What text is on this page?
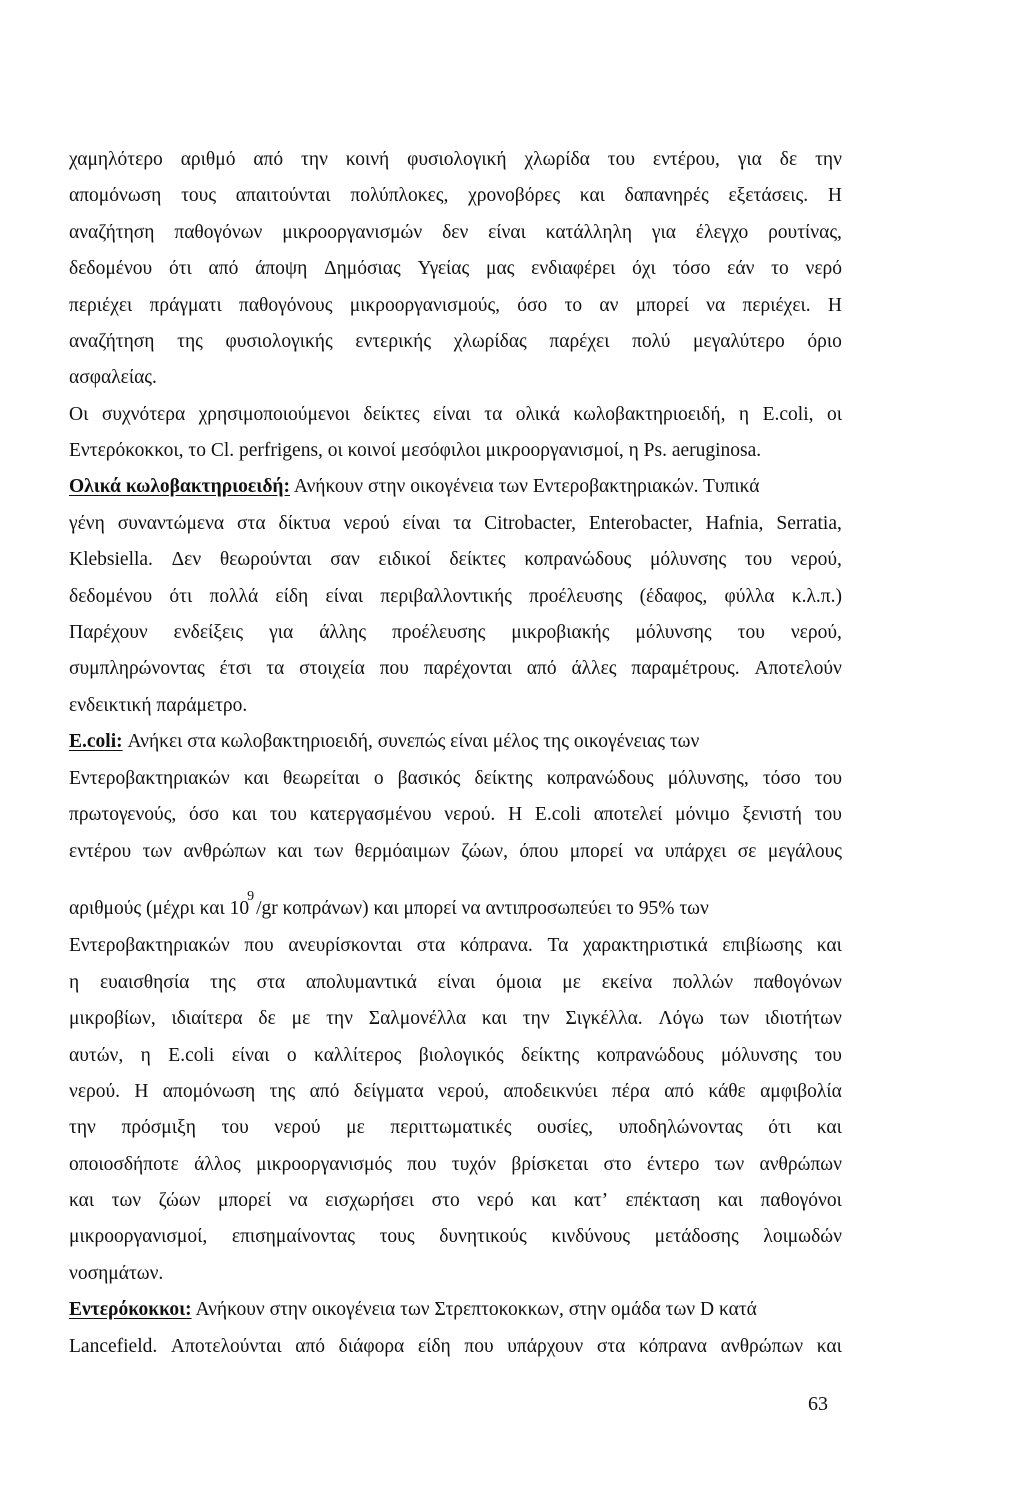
χαμηλότερο αριθμό από την κοινή φυσιολογική χλωρίδα του εντέρου, για δε την
απομόνωση τους απαιτούνται πολύπλοκες, χρονοβόρες και δαπανηρές εξετάσεις. Η
αναζήτηση παθογόνων μικροοργανισμών δεν είναι κατάλληλη για έλεγχο ρουτίνας,
δεδομένου ότι από άποψη Δημόσιας Υγείας μας ενδιαφέρει όχι τόσο εάν το νερό
περιέχει πράγματι παθογόνους μικροοργανισμούς, όσο το αν μπορεί να περιέχει. Η
αναζήτηση της φυσιολογικής εντερικής χλωρίδας παρέχει πολύ μεγαλύτερο όριο
ασφαλείας.
Οι συχνότερα χρησιμοποιούμενοι δείκτες είναι τα ολικά κωλοβακτηριοειδή, η E.coli, οι
Εντερόκοκκοι, το Cl. perfrigens, οι κοινοί μεσόφιλοι μικροοργανισμοί, η Ps. aeruginosa.
Ολικά κωλοβακτηριοειδή: Ανήκουν στην οικογένεια των Εντεροβακτηριακών. Τυπικά
γένη συναντώμενα στα δίκτυα νερού είναι τα Citrobacter, Enterobacter, Hafnia, Serratia,
Klebsiella. Δεν θεωρούνται σαν ειδικοί δείκτες κοπρανώδους μόλυνσης του νερού,
δεδομένου ότι πολλά είδη είναι περιβαλλοντικής προέλευσης (έδαφος, φύλλα κ.λ.π.)
Παρέχουν ενδείξεις για άλλης προέλευσης μικροβιακής μόλυνσης του νερού,
συμπληρώνοντας έτσι τα στοιχεία που παρέχονται από άλλες παραμέτρους. Αποτελούν
ενδεικτική παράμετρο.
E.coli: Ανήκει στα κωλοβακτηριοειδή, συνεπώς είναι μέλος της οικογένειας των
Εντεροβακτηριακών και θεωρείται ο βασικός δείκτης κοπρανώδους μόλυνσης, τόσο του
πρωτογενούς, όσο και του κατεργασμένου νερού. Η E.coli αποτελεί μόνιμο ξενιστή του
εντέρου των ανθρώπων και των θερμόαιμων ζώων, όπου μπορεί να υπάρχει σε μεγάλους
αριθμούς (μέχρι και $10^9/gr$ κοπράνων) και μπορεί να αντιπροσωπεύει το 95% των
Εντεροβακτηριακών που ανευρίσκονται στα κόπρανα. Τα χαρακτηριστικά επιβίωσης και
η ευαισθησία της στα απολυμαντικά είναι όμοια με εκείνα πολλών παθογόνων
μικροβίων, ιδιαίτερα δε με την Σαλμονέλλα και την Σιγκέλλα. Λόγω των ιδιοτήτων
αυτών, η E.coli είναι ο καλλίτερος βιολογικός δείκτης κοπρανώδους μόλυνσης του
νερού. Η απομόνωση της από δείγματα νερού, αποδεικνύει πέρα από κάθε αμφιβολία
την πρόσμιξη του νερού με περιττωματικές ουσίες, υποδηλώνοντας ότι και
οποιοσδήποτε άλλος μικροοργανισμός που τυχόν βρίσκεται στο έντερο των ανθρώπων
και των ζώων μπορεί να εισχωρήσει στο νερό και κατ’ επέκταση και παθογόνοι
μικροοργανισμοί, επισημαίνοντας τους δυνητικούς κινδύνους μετάδοσης λοιμωδών
νοσημάτων.
Εντερόκοκκοι: Ανήκουν στην οικογένεια των Στρεπτοκοκκων, στην ομάδα των D κατά
Lancefield. Αποτελούνται από διάφορα είδη που υπάρχουν στα κόπρανα ανθρώπων και
63
